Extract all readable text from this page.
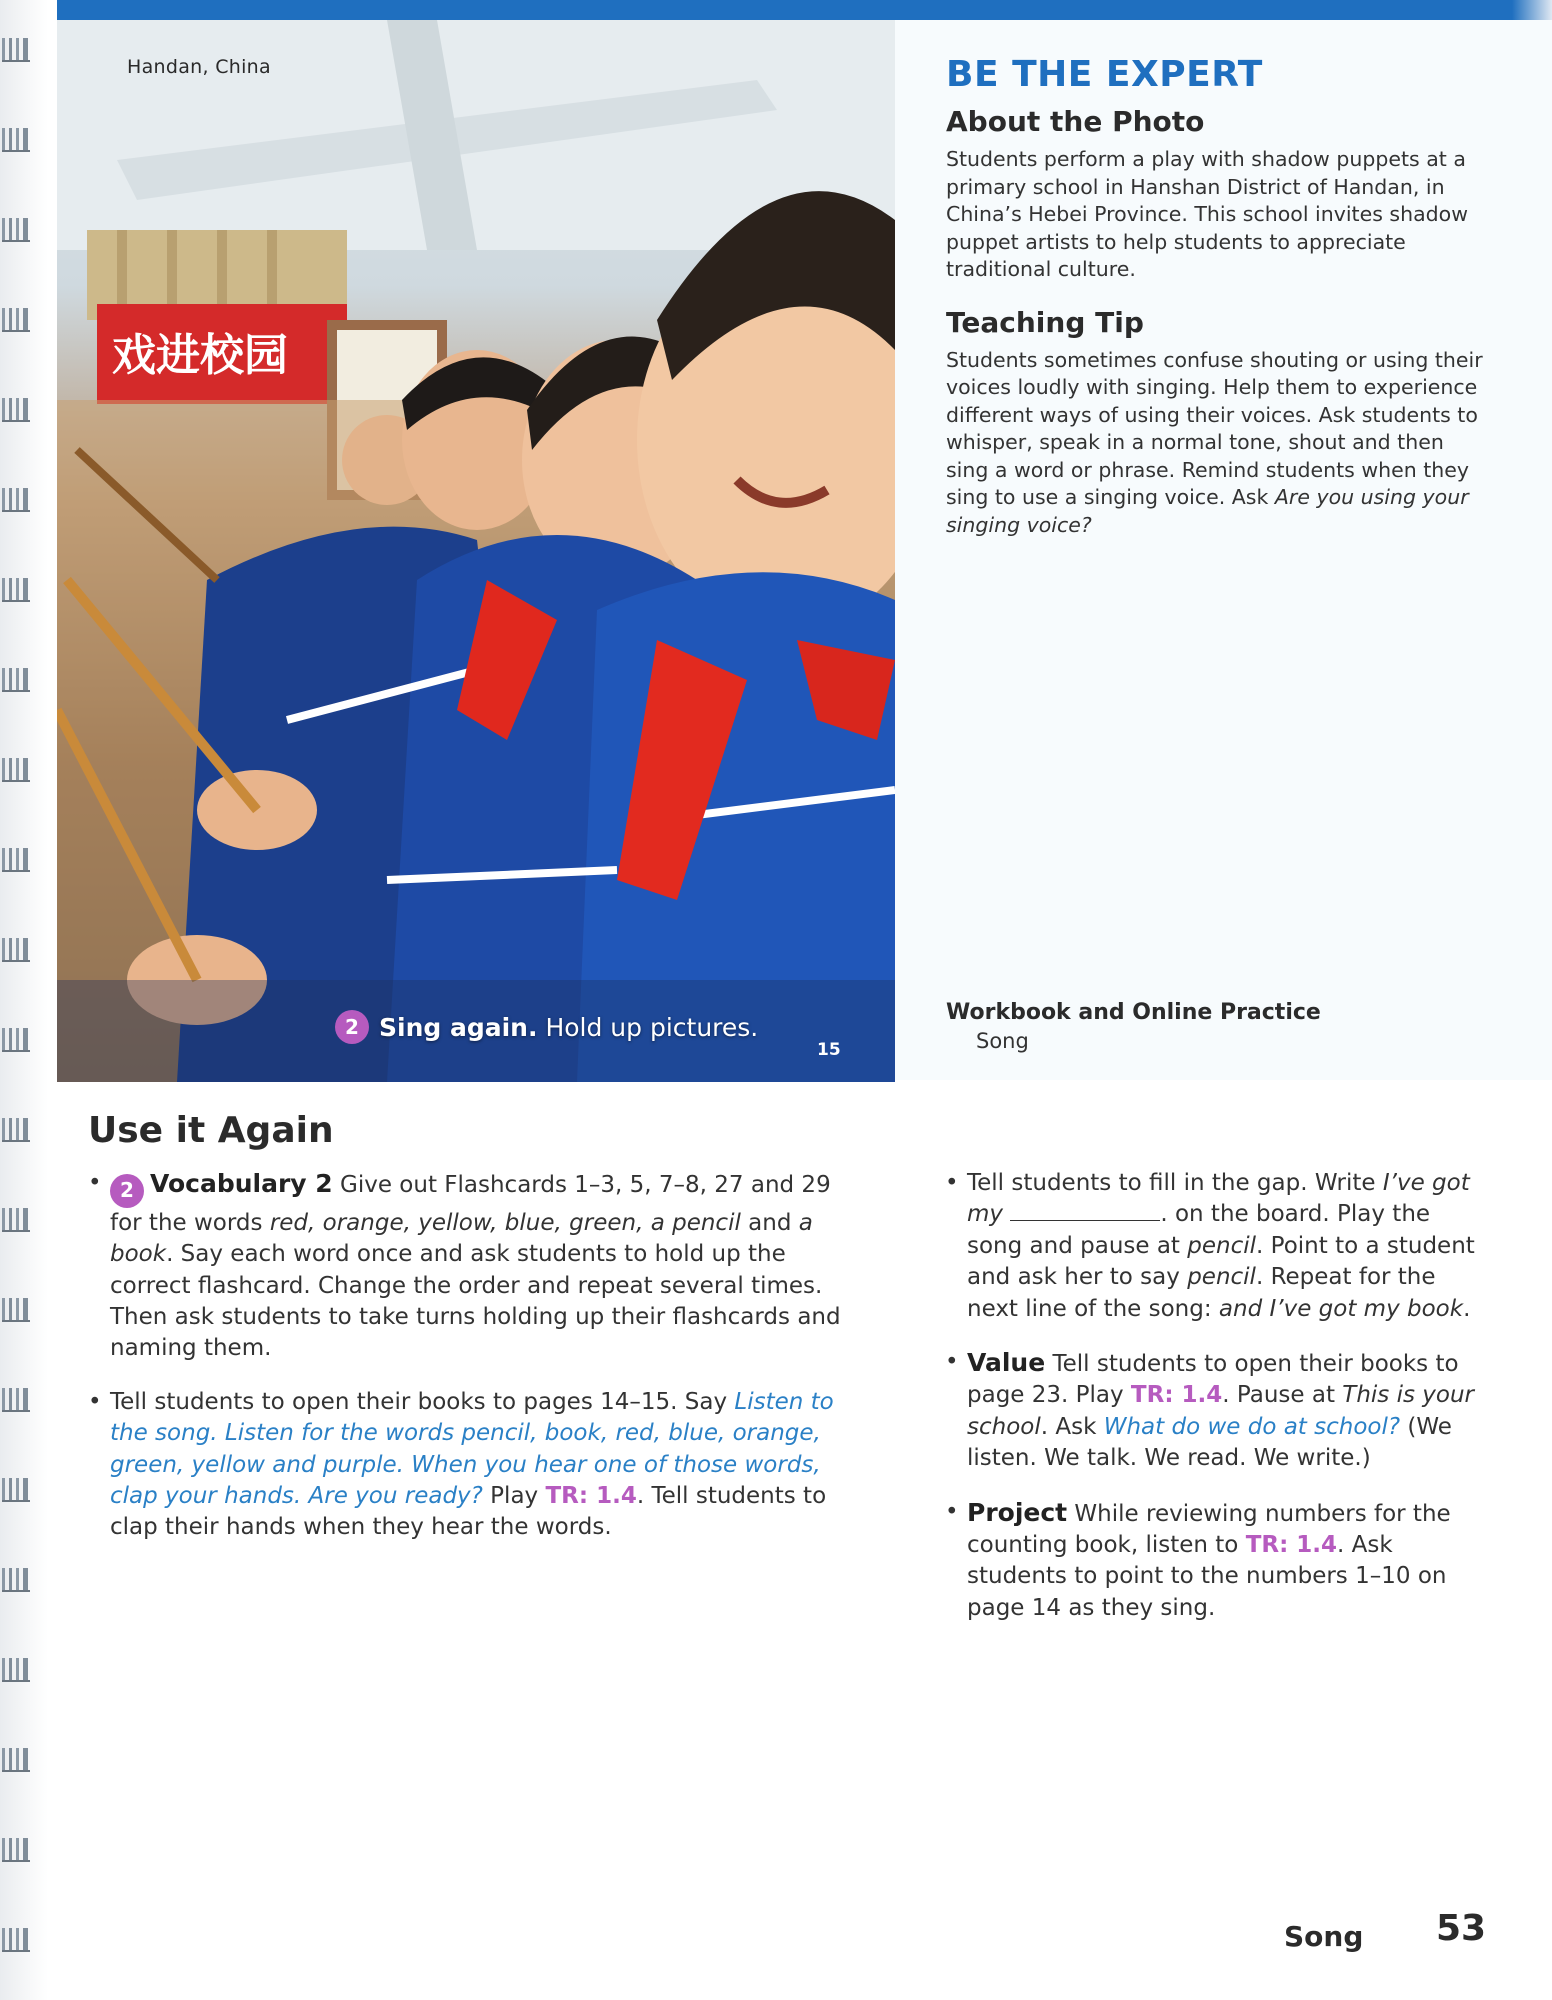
戏进校园
Handan, China
2 Sing again. Hold up pictures.
15
BE THE EXPERT
About the Photo

Students perform a play with shadow puppets at a primary school in Hanshan District of Handan, in China’s Hebei Province. This school invites shadow puppet artists to help students to appreciate traditional culture.

Teaching Tip

Students sometimes confuse shouting or using their voices loudly with singing. Help them to experience different ways of using their voices. Ask students to whisper, speak in a normal tone, shout and then sing a word or phrase. Remind students when they sing to use a singing voice. Ask Are you using your singing voice?

Workbook and Online Practice
Song
Use it Again
• 2 Vocabulary 2 Give out Flashcards 1–3, 5, 7–8, 27 and 29 for the words red, orange, yellow, blue, green, a pencil and a book. Say each word once and ask students to hold up the correct flashcard. Change the order and repeat several times. Then ask students to take turns holding up their flashcards and naming them.
• Tell students to open their books to pages 14–15. Say Listen to the song. Listen for the words pencil, book, red, blue, orange, green, yellow and purple. When you hear one of those words, clap your hands. Are you ready? Play TR: 1.4. Tell students to clap their hands when they hear the words.
• Tell students to fill in the gap. Write I’ve got my	. on the board. Play the song and pause at pencil. Point to a student and ask her to say pencil. Repeat for the next line of the song: and I’ve got my book.
• Value Tell students to open their books to page 23. Play TR: 1.4. Pause at This is your school. Ask What do we do at school? (We listen. We talk. We read. We write.)
• Project While reviewing numbers for the counting book, listen to TR: 1.4. Ask students to point to the numbers 1–10 on page 14 as they sing.
Song 53
